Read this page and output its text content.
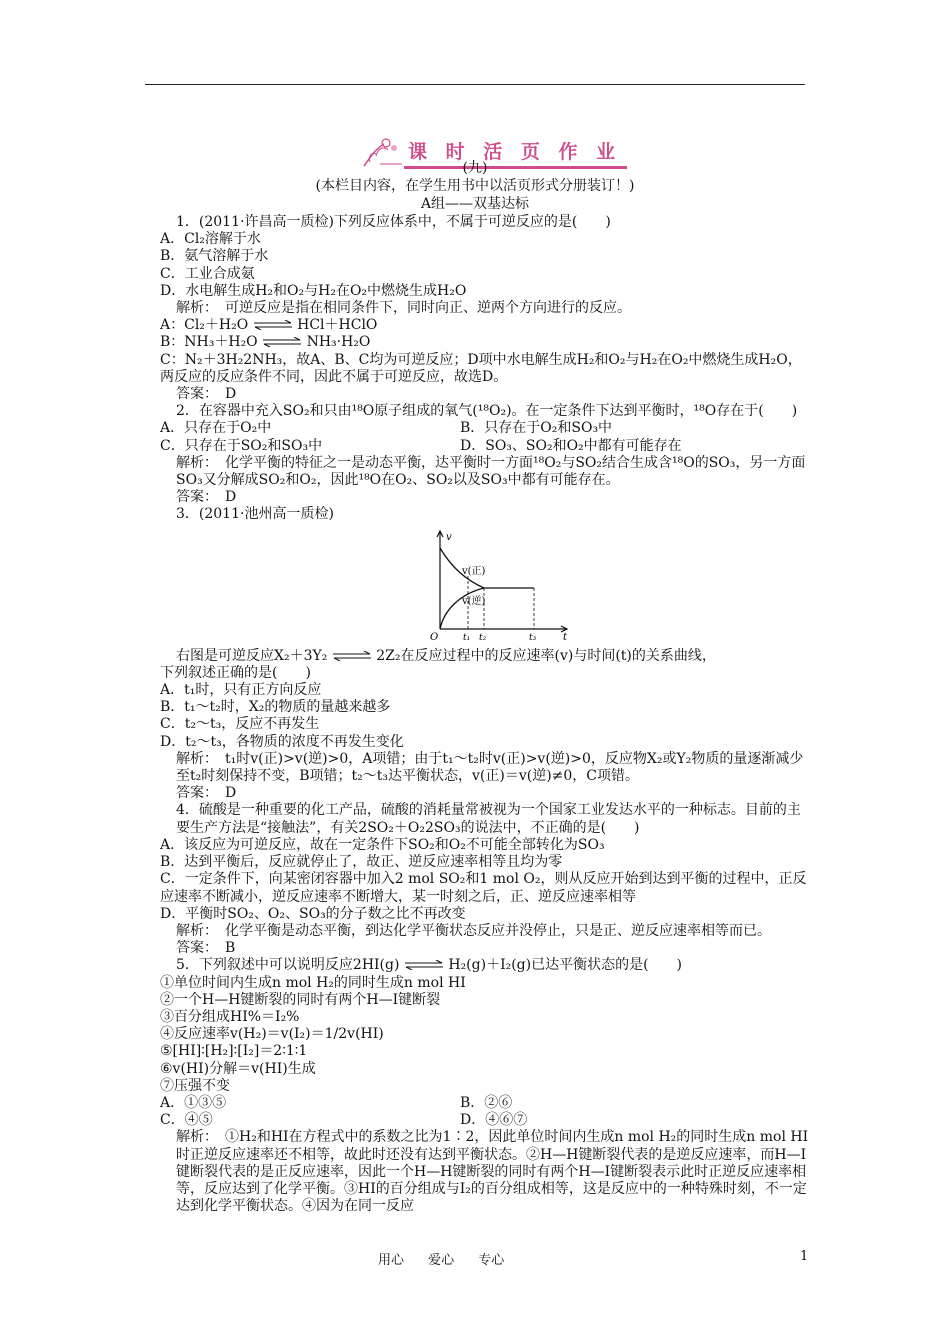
课 时 活 页 作 业
(九)
(本栏目内容，在学生用书中以活页形式分册装订！)
A组——双基达标

1．(2011·许昌高一质检)下列反应体系中，不属于可逆反应的是(　　)

A．Cl₂溶解于水

B．氨气溶解于水

C．工业合成氨

D．水电解生成H₂和O₂与H₂在O₂中燃烧生成H₂O

解析：　可逆反应是指在相同条件下，同时向正、逆两个方向进行的反应。

A：Cl₂＋H₂O ⇌ HCl＋HClO

B：NH₃＋H₂O ⇌ NH₃·H₂O

C：N₂＋3H₂2NH₃，故A、B、C均为可逆反应；D项中水电解生成H₂和O₂与H₂在O₂中燃烧生成H₂O，两反应的反应条件不同，因此不属于可逆反应，故选D。

答案：　D

2．在容器中充入SO₂和只由¹⁸O原子组成的氧气(¹⁸O₂)。在一定条件下达到平衡时，¹⁸O存在于(　　)

A．只存在于O₂中	B．只存在于O₂和SO₃中

C．只存在于SO₂和SO₃中	D．SO₃、SO₂和O₂中都有可能存在

解析：　化学平衡的特征之一是动态平衡，达平衡时一方面¹⁸O₂与SO₂结合生成含¹⁸O的SO₃，另一方面SO₃又分解成SO₂和O₂，因此¹⁸O在O₂、SO₂以及SO₃中都有可能存在。

答案：　D

3．(2011·池州高一质检)

v
t
O	t₁ t₂	t₃
v(正)
v(逆)

右图是可逆反应X₂＋3Y₂ ⇌ 2Z₂在反应过程中的反应速率(v)与时间(t)的关系曲线，

下列叙述正确的是(　　)

A．t₁时，只有正方向反应

B．t₁～t₂时，X₂的物质的量越来越多

C．t₂～t₃，反应不再发生

D．t₂～t₃，各物质的浓度不再发生变化

解析：　t₁时v(正)>v(逆)>0，A项错；由于t₁～t₂时v(正)>v(逆)>0，反应物X₂或Y₂物质的量逐渐减少至t₂时刻保持不变，B项错；t₂～t₃达平衡状态，v(正)＝v(逆)≠0，C项错。

答案：　D

4．硫酸是一种重要的化工产品，硫酸的消耗量常被视为一个国家工业发达水平的一种标志。目前的主要生产方法是“接触法”，有关2SO₂＋O₂2SO₃的说法中，不正确的是(　　)

A．该反应为可逆反应，故在一定条件下SO₂和O₂不可能全部转化为SO₃

B．达到平衡后，反应就停止了，故正、逆反应速率相等且均为零

C．一定条件下，向某密闭容器中加入2 mol SO₂和1 mol O₂，则从反应开始到达到平衡的过程中，正反应速率不断减小，逆反应速率不断增大，某一时刻之后，正、逆反应速率相等

D．平衡时SO₂、O₂、SO₃的分子数之比不再改变

解析：　化学平衡是动态平衡，到达化学平衡状态反应并没停止，只是正、逆反应速率相等而已。

答案：　B

5．下列叙述中可以说明反应2HI(g) ⇌ H₂(g)＋I₂(g)已达平衡状态的是(　　)

①单位时间内生成n mol H₂的同时生成n mol HI

②一个H—H键断裂的同时有两个H—I键断裂

③百分组成HI%＝I₂%

④反应速率v(H₂)＝v(I₂)＝1/2v(HI)

⑤[HI]∶[H₂]∶[I₂]＝2∶1∶1

⑥v(HI)分解＝v(HI)生成

⑦压强不变

A．①③⑤	B．②⑥

C．④⑤	D．④⑥⑦

解析：　①H₂和HI在方程式中的系数之比为1∶2，因此单位时间内生成n mol H₂的同时生成n mol HI时正逆反应速率还不相等，故此时还没有达到平衡状态。②H—H键断裂代表的是逆反应速率，而H—I键断裂代表的是正反应速率，因此一个H—H键断裂的同时有两个H—I键断裂表示此时正逆反应速率相等，反应达到了化学平衡。③HI的百分组成与I₂的百分组成相等，这是反应中的一种特殊时刻，不一定达到化学平衡状态。④因为在同一反应

用心 爱心 专心	1
